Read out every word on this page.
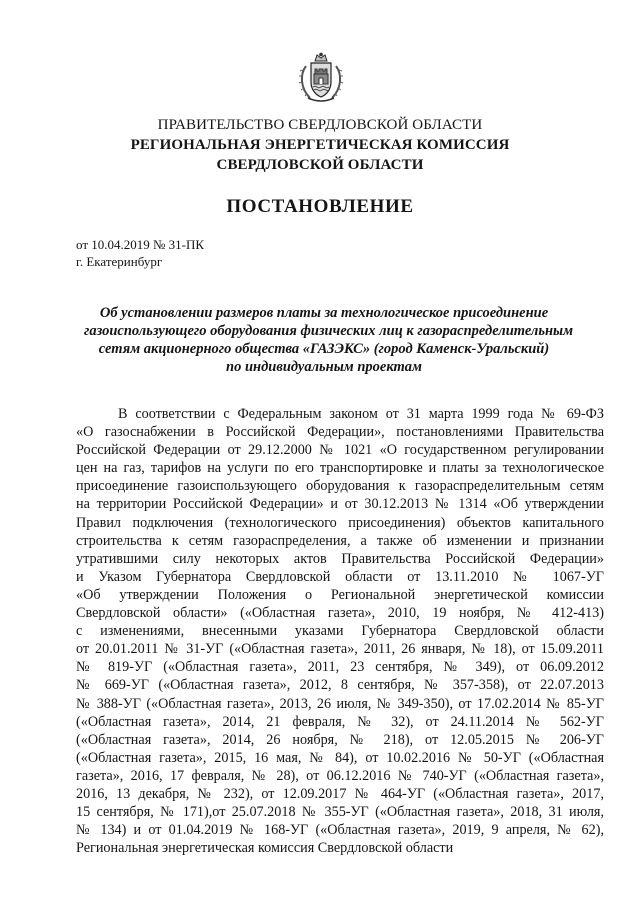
ПРАВИТЕЛЬСТВО СВЕРДЛОВСКОЙ ОБЛАСТИ
РЕГИОНАЛЬНАЯ ЭНЕРГЕТИЧЕСКАЯ КОМИССИЯ
СВЕРДЛОВСКОЙ ОБЛАСТИ
ПОСТАНОВЛЕНИЕ
от 10.04.2019 № 31-ПК
г. Екатеринбург
Об установлении размеров платы за технологическое присоединение
газоиспользующего оборудования физических лиц к газораспределительным
сетям акционерного общества «ГАЗЭКС» (город Каменск-Уральский)
по индивидуальным проектам
В соответствии с Федеральным законом от 31 марта 1999 года № 69-ФЗ
«О газоснабжении в Российской Федерации», постановлениями Правительства
Российской Федерации от 29.12.2000 № 1021 «О государственном регулировании
цен на газ, тарифов на услуги по его транспортировке и платы за технологическое
присоединение газоиспользующего оборудования к газораспределительным сетям
на территории Российской Федерации» и от 30.12.2013 № 1314 «Об утверждении
Правил подключения (технологического присоединения) объектов капитального
строительства к сетям газораспределения, а также об изменении и признании
утратившими силу некоторых актов Правительства Российской Федерации»
и Указом Губернатора Свердловской области от 13.11.2010 № 1067-УГ
«Об утверждении Положения о Региональной энергетической комиссии
Свердловской области» («Областная газета», 2010, 19 ноября, № 412-413)
с изменениями, внесенными указами Губернатора Свердловской области
от 20.01.2011 № 31-УГ («Областная газета», 2011, 26 января, № 18), от 15.09.2011
№ 819-УГ («Областная газета», 2011, 23 сентября, № 349), от 06.09.2012
№ 669-УГ («Областная газета», 2012, 8 сентября, № 357-358), от 22.07.2013
№ 388-УГ («Областная газета», 2013, 26 июля, № 349-350), от 17.02.2014 № 85-УГ
(«Областная газета», 2014, 21 февраля, № 32), от 24.11.2014 № 562-УГ
(«Областная газета», 2014, 26 ноября, № 218), от 12.05.2015 № 206-УГ
(«Областная газета», 2015, 16 мая, № 84), от 10.02.2016 № 50-УГ («Областная
газета», 2016, 17 февраля, № 28), от 06.12.2016 № 740-УГ («Областная газета»,
2016, 13 декабря, № 232), от 12.09.2017 № 464-УГ («Областная газета», 2017,
15 сентября, № 171),от 25.07.2018 № 355-УГ («Областная газета», 2018, 31 июля,
№ 134) и от 01.04.2019 № 168-УГ («Областная газета», 2019, 9 апреля, № 62),
Региональная энергетическая комиссия Свердловской области
